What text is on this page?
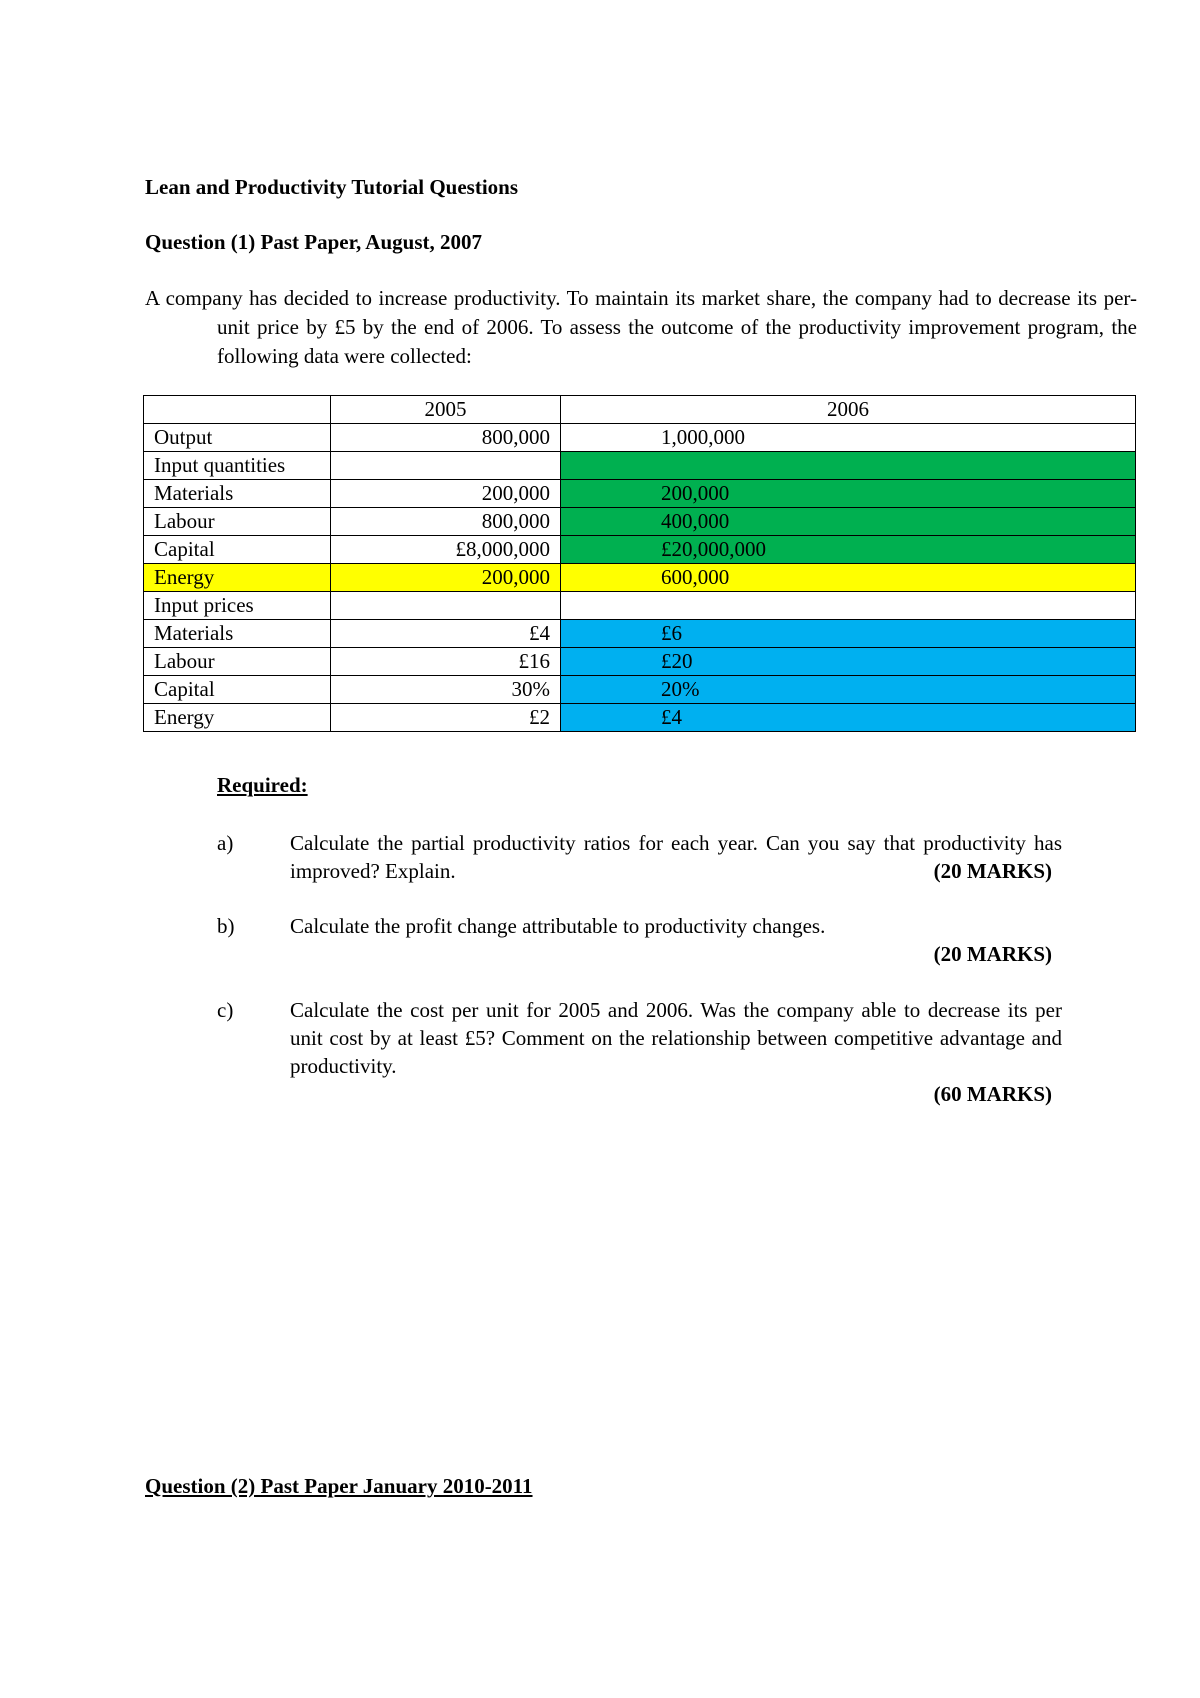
Lean and Productivity Tutorial Questions
Question (1) Past Paper, August, 2007

A company has decided to increase productivity. To maintain its market share, the company had to decrease its per-unit price by £5 by the end of 2006. To assess the outcome of the productivity improvement program, the following data were collected:

	2005	2006
Output	800,000	1,000,000
Input quantities		
Materials	200,000	200,000
Labour	800,000	400,000
Capital	£8,000,000	£20,000,000
Energy	200,000	600,000
Input prices		
Materials	£4	£6
Labour	£16	£20
Capital	30%	20%
Energy	£2	£4

Required:

a)	Calculate the partial productivity ratios for each year. Can you say that productivity has improved? Explain.	(20 MARKS)
b)	Calculate the profit change attributable to productivity changes.
(20 MARKS)
c)	Calculate the cost per unit for 2005 and 2006. Was the company able to decrease its per unit cost by at least £5? Comment on the relationship between competitive advantage and productivity.
(60 MARKS)
Question (2) Past Paper January 2010-2011
